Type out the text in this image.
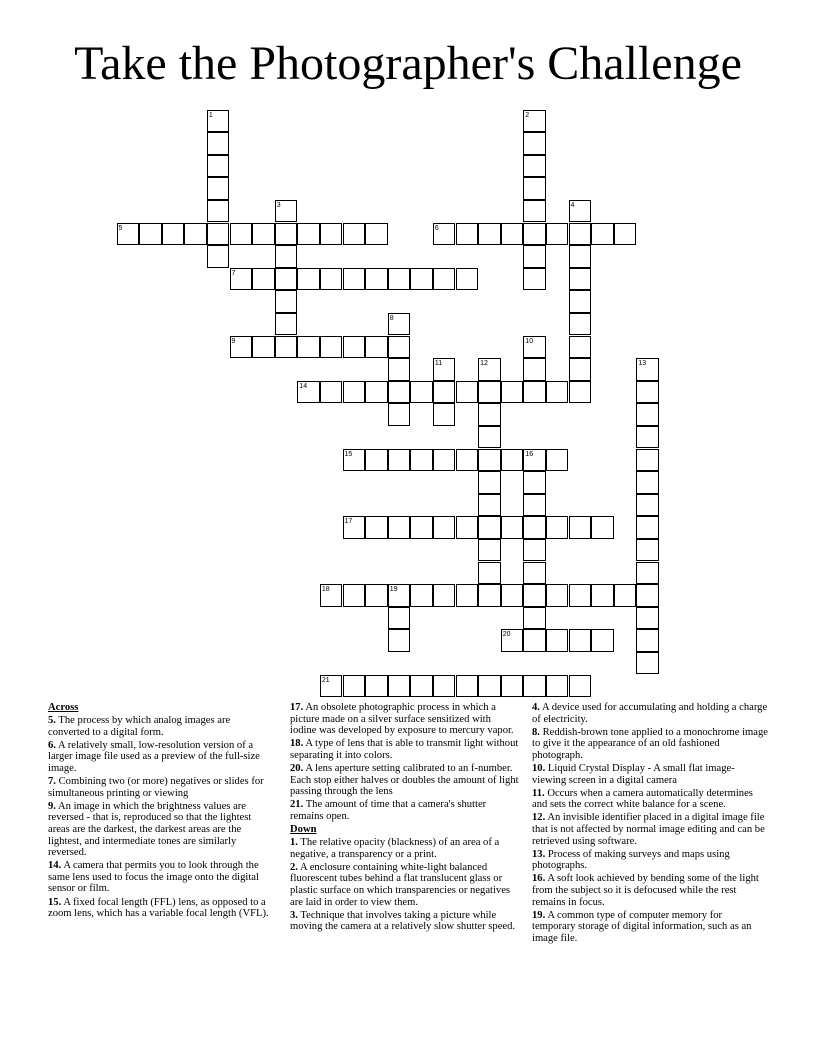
Take the Photographer's Challenge
5	6
7
9
14
15	16
17
18	19
20
21
1	2
3	4
8
10
11	12	13

Across

5. The process by which analog images are converted to a digital form.

6. A relatively small, low-resolution version of a larger image file used as a preview of the full-size image.

7. Combining two (or more) negatives or slides for simultaneous printing or viewing

9. An image in which the brightness values are reversed - that is, reproduced so that the lightest areas are the darkest, the darkest areas are the lightest, and intermediate tones are similarly reversed.

14. A camera that permits you to look through the same lens used to focus the image onto the digital sensor or film.

15. A fixed focal length (FFL) lens, as opposed to a zoom lens, which has a variable focal length (VFL).

17. An obsolete photographic process in which a picture made on a silver surface sensitized with iodine was developed by exposure to mercury vapor.

18. A type of lens that is able to transmit light without separating it into colors.

20. A lens aperture setting calibrated to an f-number. Each stop either halves or doubles the amount of light passing through the lens

21. The amount of time that a camera's shutter remains open.

Down

1. The relative opacity (blackness) of an area of a negative, a transparency or a print.

2. A enclosure containing white-light balanced fluorescent tubes behind a flat translucent glass or plastic surface on which transparencies or negatives are laid in order to view them.

3. Technique that involves taking a picture while moving the camera at a relatively slow shutter speed.

4. A device used for accumulating and holding a charge of electricity.

8. Reddish-brown tone applied to a monochrome image to give it the appearance of an old fashioned photograph.

10. Liquid Crystal Display - A small flat image-viewing screen in a digital camera

11. Occurs when a camera automatically determines and sets the correct white balance for a scene.

12. An invisible identifier placed in a digital image file that is not affected by normal image editing and can be retrieved using software.

13. Process of making surveys and maps using photographs.

16. A soft look achieved by bending some of the light from the subject so it is defocused while the rest remains in focus.

19. A common type of computer memory for temporary storage of digital information, such as an image file.
